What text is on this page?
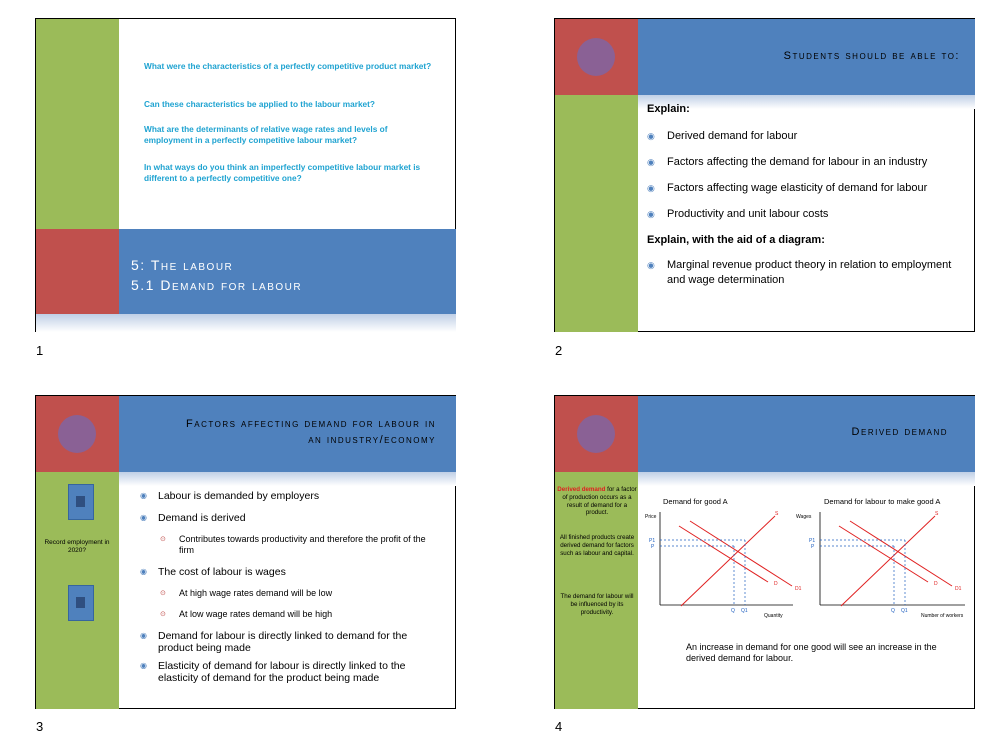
What were the characteristics of a perfectly competitive product market?
Can these characteristics be applied to the labour market?
What are the determinants of relative wage rates and levels of employment in a perfectly competitive labour market?
In what ways do you think an imperfectly competitive labour market is different to a perfectly competitive one?
5: The labour
5.1 Demand for labour
1
Students should be able to:
Explain:
◉ Derived demand for labour
◉ Factors affecting the demand for labour in an industry
◉ Factors affecting wage elasticity of demand for labour
◉ Productivity and unit labour costs
Explain, with the aid of a diagram:
◉ Marginal revenue product theory in relation to employment and wage determination
2
Factors affecting demand for labour in
an industry/economy
Record employment in 2020?
◉ Labour is demanded by employers
◉ Demand is derived
⊙ Contributes towards productivity and therefore the profit of the firm
◉ The cost of labour is wages
⊙ At high wage rates demand will be low
⊙ At low wage rates demand will be high
◉ Demand for labour is directly linked to demand for the product being made
◉ Elasticity of demand for labour is directly linked to the elasticity of demand for the product being made
3
Derived demand
Derived demand for a factor of production occurs as a result of demand for a product.
All finished products create derived demand for factors such as labour and capital.
The demand for labour will be influenced by its productivity.
Demand for good A
Price
Quantity
P1
P
Q Q1
S
D
D1
Demand for labour to make good A
Wages
Number of workers
P1
P
Q Q1
S
D
D1
An increase in demand for one good will see an increase in the derived demand for labour.
4
